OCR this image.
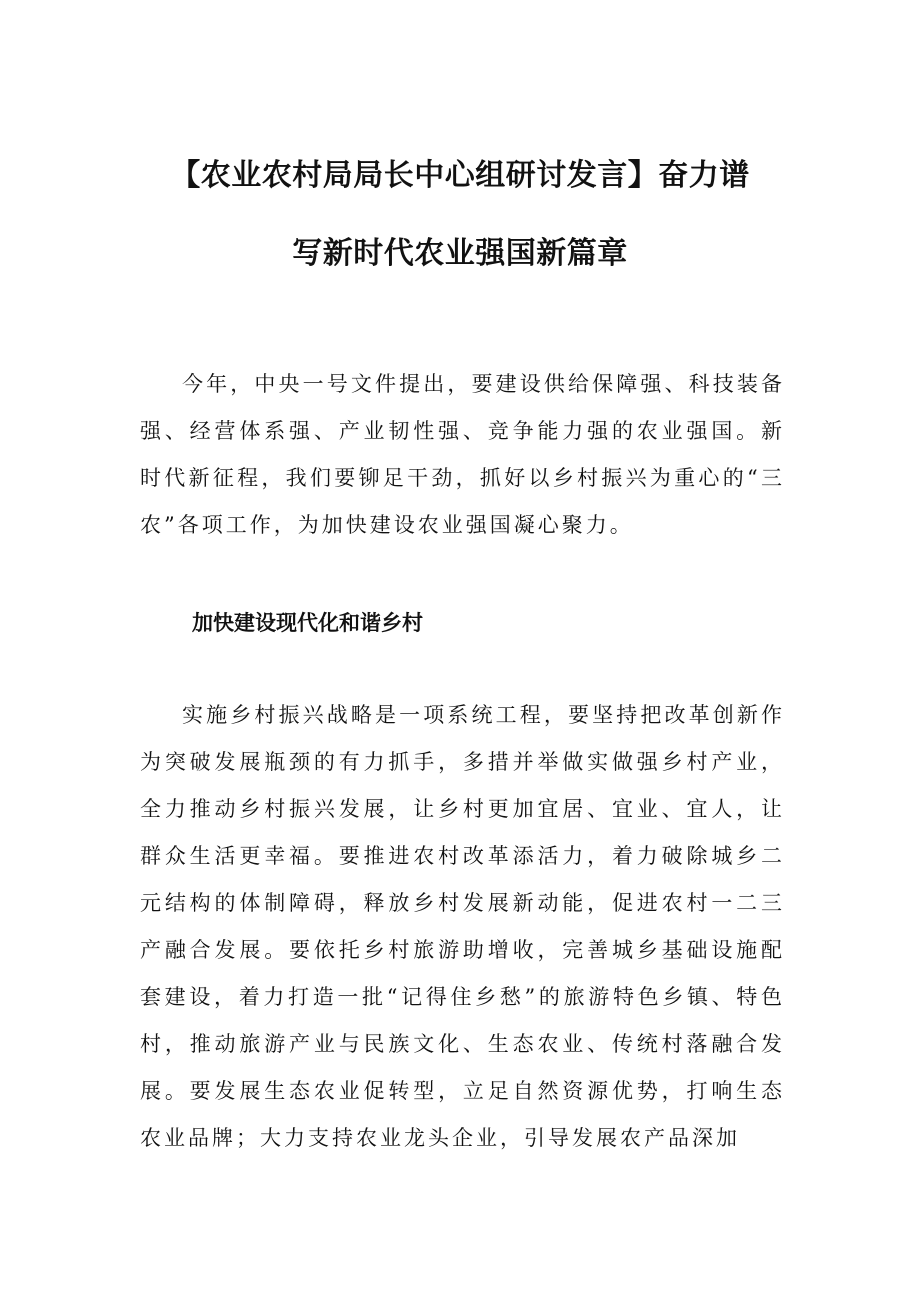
【农业农村局局长中心组研讨发言】奋力谱
写新时代农业强国新篇章

今年，中央一号文件提出，要建设供给保障强、科技装备强、经营体系强、产业韧性强、竞争能力强的农业强国。新时代新征程，我们要铆足干劲，抓好以乡村振兴为重心的“三农”各项工作，为加快建设农业强国凝心聚力。

加快建设现代化和谐乡村

实施乡村振兴战略是一项系统工程，要坚持把改革创新作为突破发展瓶颈的有力抓手，多措并举做实做强乡村产业，全力推动乡村振兴发展，让乡村更加宜居、宜业、宜人，让群众生活更幸福。要推进农村改革添活力，着力破除城乡二元结构的体制障碍，释放乡村发展新动能，促进农村一二三产融合发展。要依托乡村旅游助增收，完善城乡基础设施配套建设，着力打造一批“记得住乡愁”的旅游特色乡镇、特色村，推动旅游产业与民族文化、生态农业、传统村落融合发展。要发展生态农业促转型，立足自然资源优势，打响生态农业品牌；大力支持农业龙头企业，引导发展农产品深加
